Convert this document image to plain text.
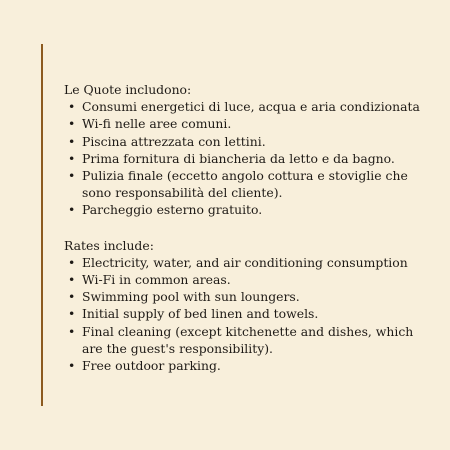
Le Quote includono:
• Consumi energetici di luce, acqua e aria condizionata
• Wi-fi nelle aree comuni.
• Piscina attrezzata con lettini.
• Prima fornitura di biancheria da letto e da bagno.
• Pulizia finale (eccetto angolo cottura e stoviglie che sono responsabilità del cliente).
• Parcheggio esterno gratuito.
Rates include:
• Electricity, water, and air conditioning consumption
• Wi-Fi in common areas.
• Swimming pool with sun loungers.
• Initial supply of bed linen and towels.
• Final cleaning (except kitchenette and dishes, which are the guest's responsibility).
• Free outdoor parking.
